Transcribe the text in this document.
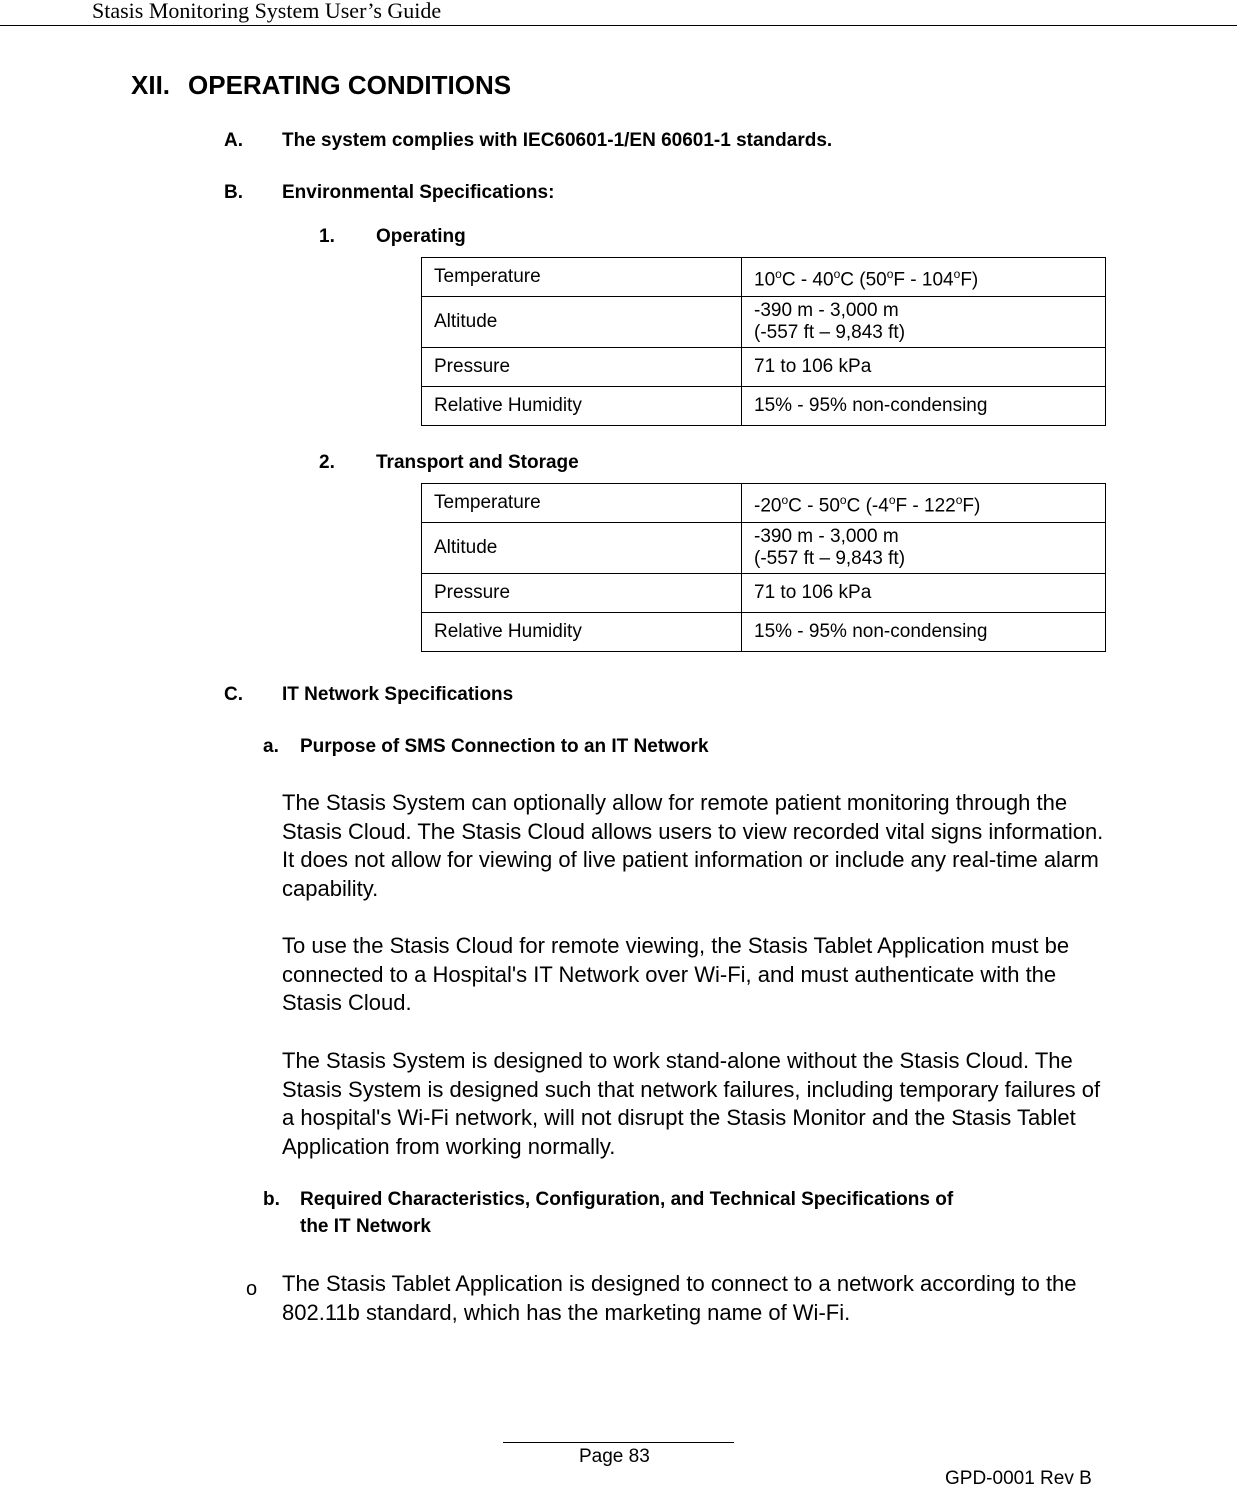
Stasis Monitoring System User’s Guide
XII. OPERATING CONDITIONS
A. The system complies with IEC60601-1/EN 60601-1 standards.
B. Environmental Specifications:
1. Operating
Temperature	10$^o$C - 40$^o$C (50$^o$F - 104$^o$F)
Altitude	-390 m - 3,000 m
(-557 ft – 9,843 ft)

Pressure	71 to 106 kPa
Relative Humidity	15% - 95% non-condensing
2. Transport and Storage
Temperature	-20$^o$C - 50$^o$C (-4$^o$F - 122$^o$F)
Altitude	-390 m - 3,000 m
(-557 ft – 9,843 ft)

Pressure	71 to 106 kPa
Relative Humidity	15% - 95% non-condensing
C. IT Network Specifications
a. Purpose of SMS Connection to an IT Network
The Stasis System can optionally allow for remote patient monitoring through the Stasis Cloud. The Stasis Cloud allows users to view recorded vital signs information. It does not allow for viewing of live patient information or include any real-time alarm capability.
To use the Stasis Cloud for remote viewing, the Stasis Tablet Application must be connected to a Hospital's IT Network over Wi-Fi, and must authenticate with the Stasis Cloud.
The Stasis System is designed to work stand-alone without the Stasis Cloud. The Stasis System is designed such that network failures, including temporary failures of a hospital's Wi-Fi network, will not disrupt the Stasis Monitor and the Stasis Tablet Application from working normally.
b. Required Characteristics, Configuration, and Technical Specifications of
the IT Network
o The Stasis Tablet Application is designed to connect to a network according to the 802.11b standard, which has the marketing name of Wi-Fi.
Page 83
GPD-0001 Rev B
